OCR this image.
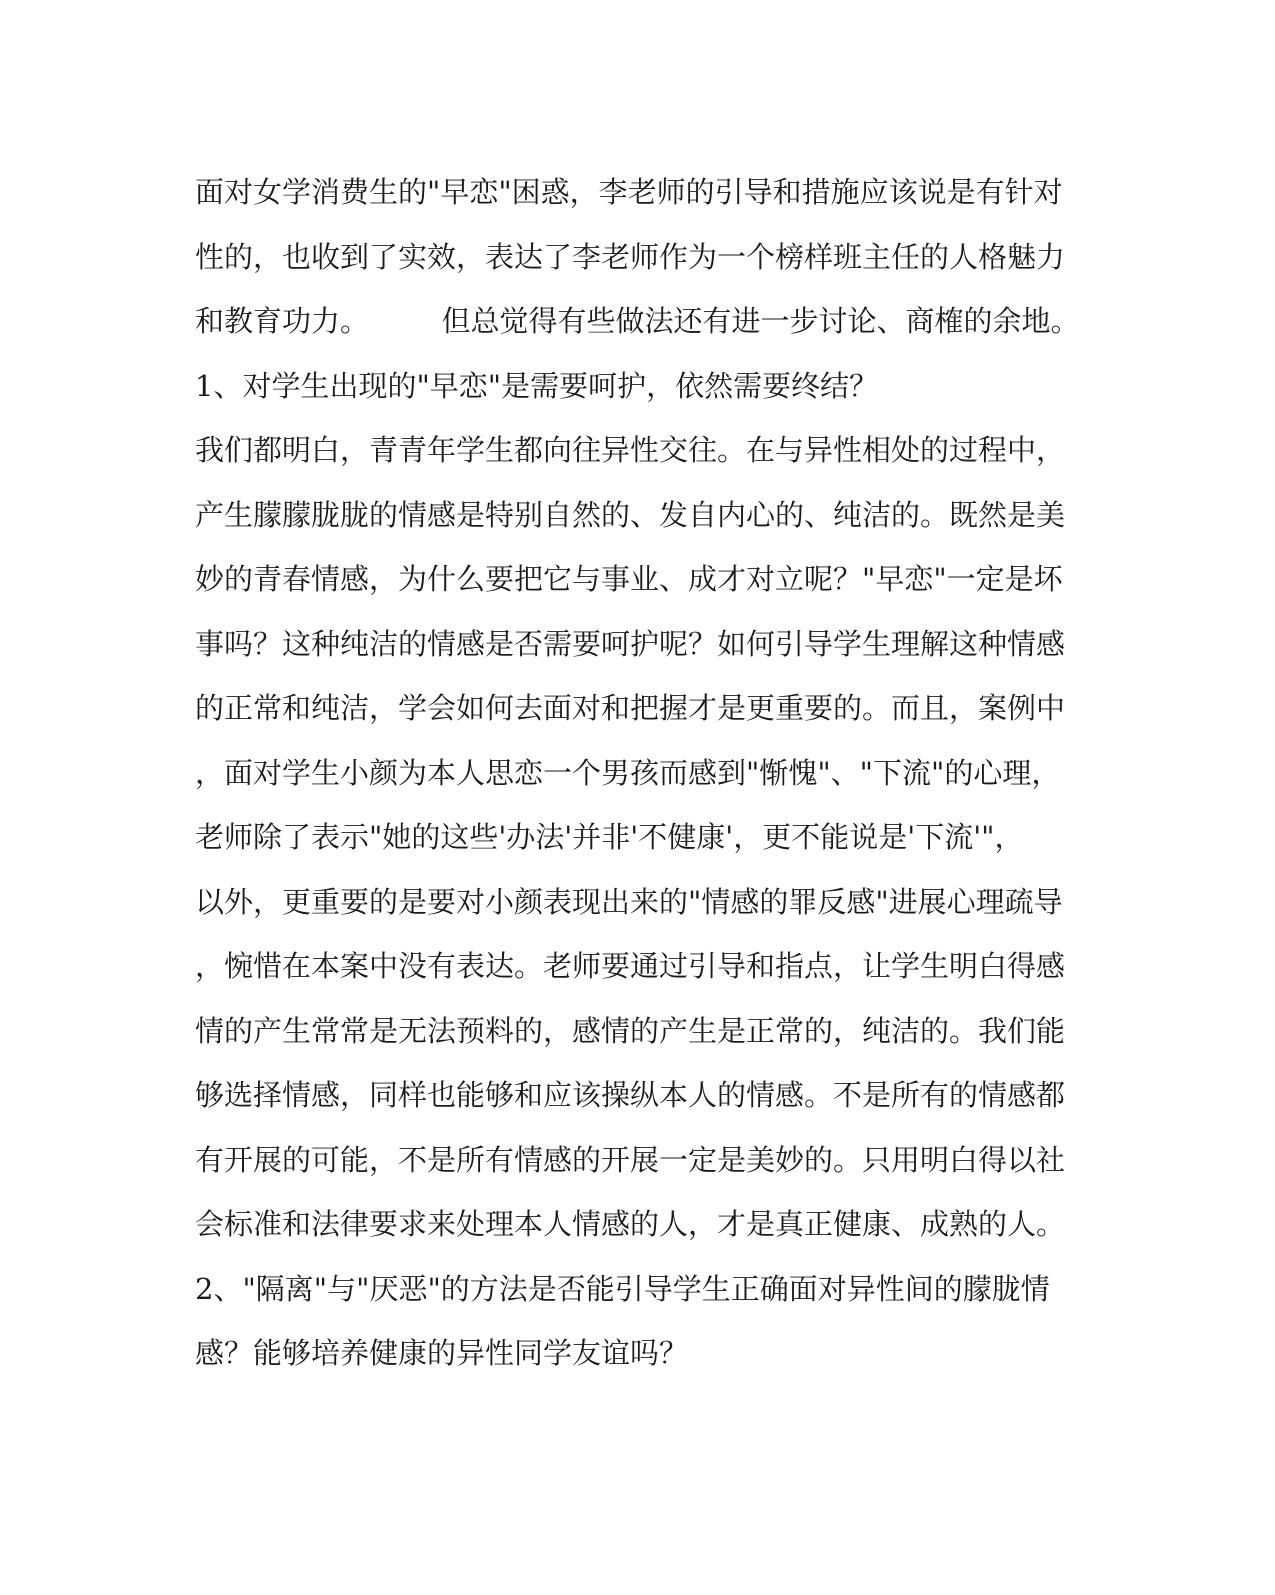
面对女学消费生的"早恋"困惑，李老师的引导和措施应该说是有针对
性的，也收到了实效，表达了李老师作为一个榜样班主任的人格魅力
和教育功力。　　　但总觉得有些做法还有进一步讨论、商榷的余地。
1、对学生出现的"早恋"是需要呵护，依然需要终结？
我们都明白，青青年学生都向往异性交往。在与异性相处的过程中，
产生朦朦胧胧的情感是特别自然的、发自内心的、纯洁的。既然是美
妙的青春情感，为什么要把它与事业、成才对立呢？"早恋"一定是坏
事吗？这种纯洁的情感是否需要呵护呢？如何引导学生理解这种情感
的正常和纯洁，学会如何去面对和把握才是更重要的。而且，案例中
，面对学生小颜为本人思恋一个男孩而感到"惭愧"、"下流"的心理，
老师除了表示"她的这些'办法'并非'不健康'，更不能说是'下流'"，
以外，更重要的是要对小颜表现出来的"情感的罪反感"进展心理疏导
，惋惜在本案中没有表达。老师要通过引导和指点，让学生明白得感
情的产生常常是无法预料的，感情的产生是正常的，纯洁的。我们能
够选择情感，同样也能够和应该操纵本人的情感。不是所有的情感都
有开展的可能，不是所有情感的开展一定是美妙的。只用明白得以社
会标准和法律要求来处理本人情感的人，才是真正健康、成熟的人。
2、"隔离"与"厌恶"的方法是否能引导学生正确面对异性间的朦胧情
感？能够培养健康的异性同学友谊吗？
